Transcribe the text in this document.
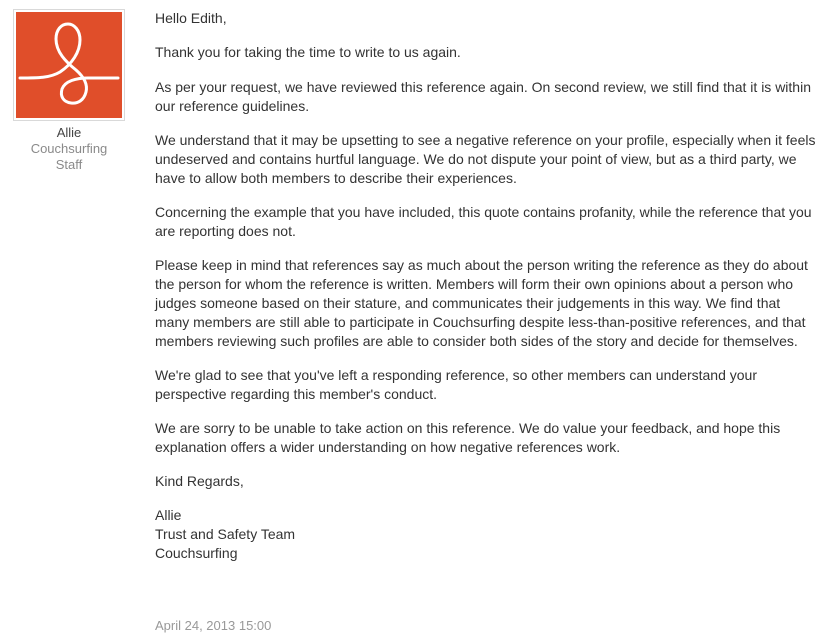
Allie
Couchsurfing
Staff

Hello Edith,

Thank you for taking the time to write to us again.

As per your request, we have reviewed this reference again. On second review, we still find that it is within our reference guidelines.

We understand that it may be upsetting to see a negative reference on your profile, especially when it feels undeserved and contains hurtful language. We do not dispute your point of view, but as a third party, we have to allow both members to describe their experiences.

Concerning the example that you have included, this quote contains profanity, while the reference that you are reporting does not.

Please keep in mind that references say as much about the person writing the reference as they do about the person for whom the reference is written. Members will form their own opinions about a person who judges someone based on their stature, and communicates their judgements in this way. We find that many members are still able to participate in Couchsurfing despite less-than-positive references, and that members reviewing such profiles are able to consider both sides of the story and decide for themselves.

We're glad to see that you've left a responding reference, so other members can understand your perspective regarding this member's conduct.

We are sorry to be unable to take action on this reference. We do value your feedback, and hope this explanation offers a wider understanding on how negative references work.

Kind Regards,

Allie
Trust and Safety Team
Couchsurfing
April 24, 2013 15:00
